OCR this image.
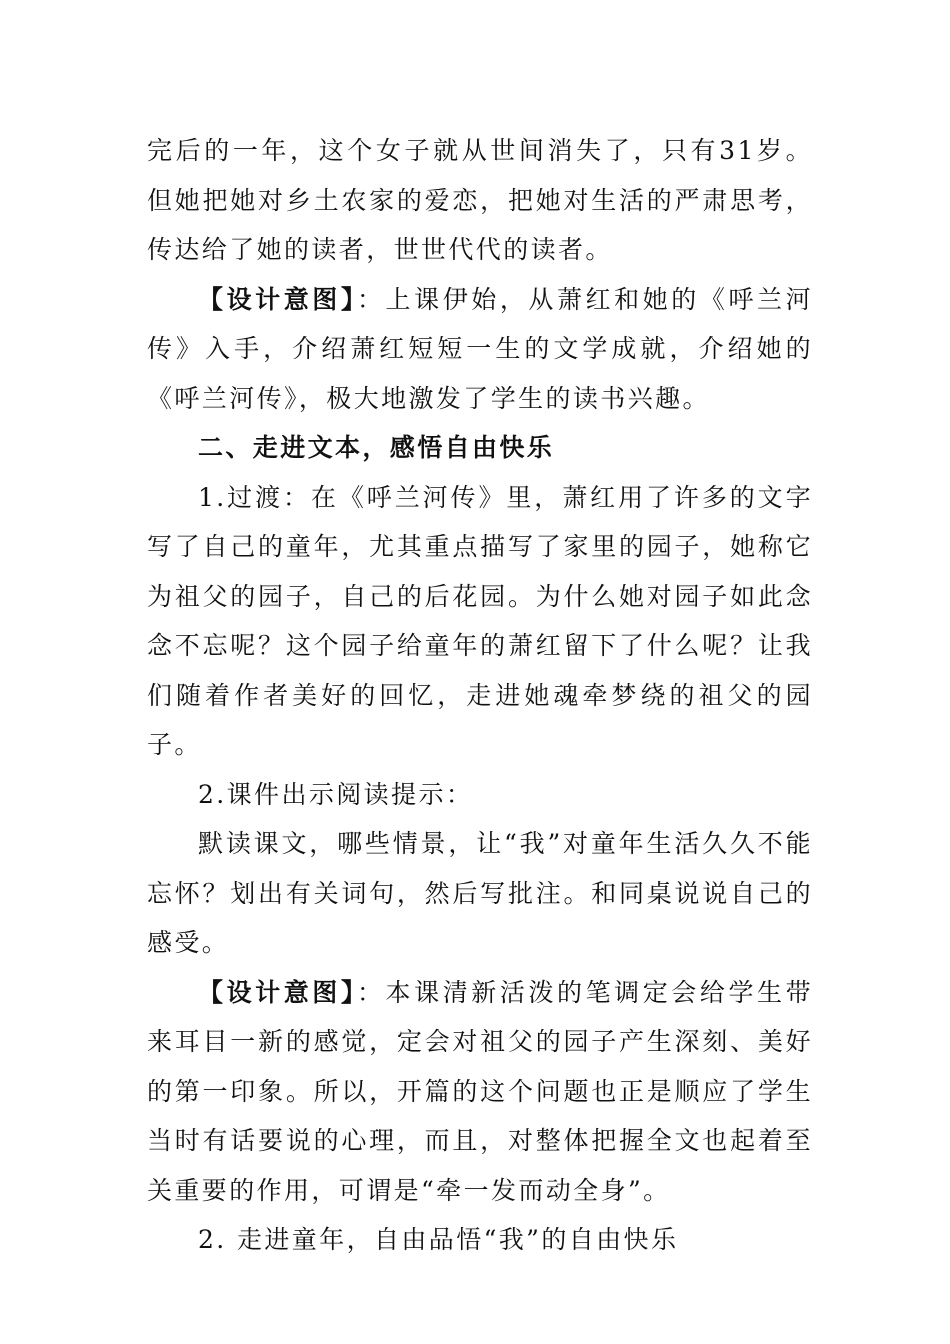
完后的一年，这个女子就从世间消失了，只有31岁。但她把她对乡土农家的爱恋，把她对生活的严肃思考，传达给了她的读者，世世代代的读者。

【设计意图】：上课伊始，从萧红和她的《呼兰河传》入手，介绍萧红短短一生的文学成就，介绍她的《呼兰河传》，极大地激发了学生的读书兴趣。

二、走进文本，感悟自由快乐

1.过渡：在《呼兰河传》里，萧红用了许多的文字写了自己的童年，尤其重点描写了家里的园子，她称它为祖父的园子，自己的后花园。为什么她对园子如此念念不忘呢？这个园子给童年的萧红留下了什么呢？让我们随着作者美好的回忆，走进她魂牵梦绕的祖父的园子。

2.课件出示阅读提示：

默读课文，哪些情景，让“我”对童年生活久久不能忘怀？划出有关词句，然后写批注。和同桌说说自己的感受。

【设计意图】：本课清新活泼的笔调定会给学生带来耳目一新的感觉，定会对祖父的园子产生深刻、美好的第一印象。所以，开篇的这个问题也正是顺应了学生当时有话要说的心理，而且，对整体把握全文也起着至关重要的作用，可谓是“牵一发而动全身”。

2. 走进童年，自由品悟“我”的自由快乐
